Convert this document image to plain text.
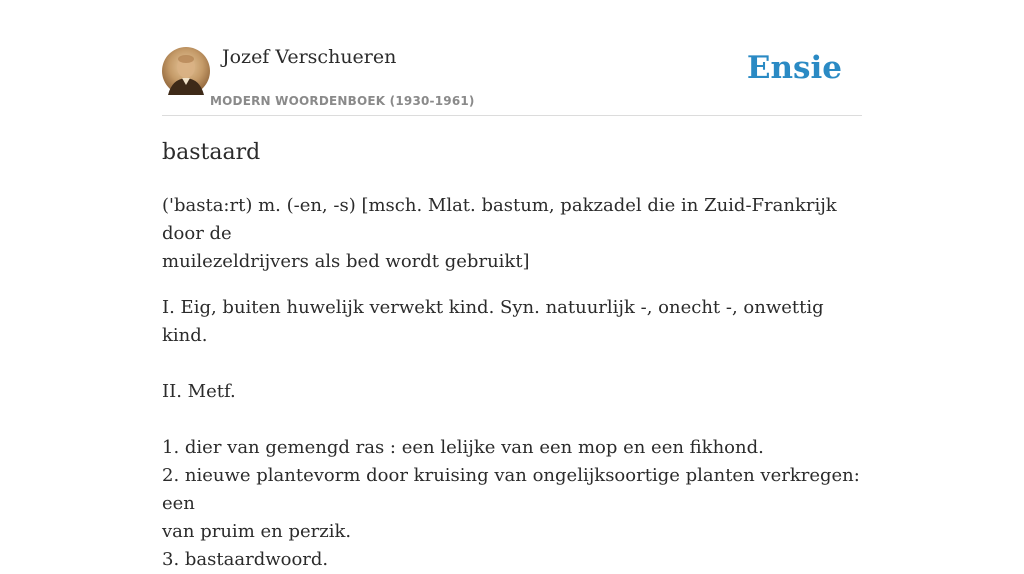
Jozef Verschueren
MODERN WOORDENBOEK (1930-1961)
Ensie
bastaard

('basta:rt) m. (-en, -s) [msch. Mlat. bastum, pakzadel die in Zuid-Frankrijk door de
muilezeldrijvers als bed wordt gebruikt]

I. Eig, buiten huwelijk verwekt kind. Syn. natuurlijk -, onecht -, onwettig kind.

II. Metf.

1. dier van gemengd ras : een lelijke van een mop en een fikhond.

2. nieuwe plantevorm door kruising van ongelijksoortige planten verkregen: een
van pruim en perzik.

3. bastaardwoord.
